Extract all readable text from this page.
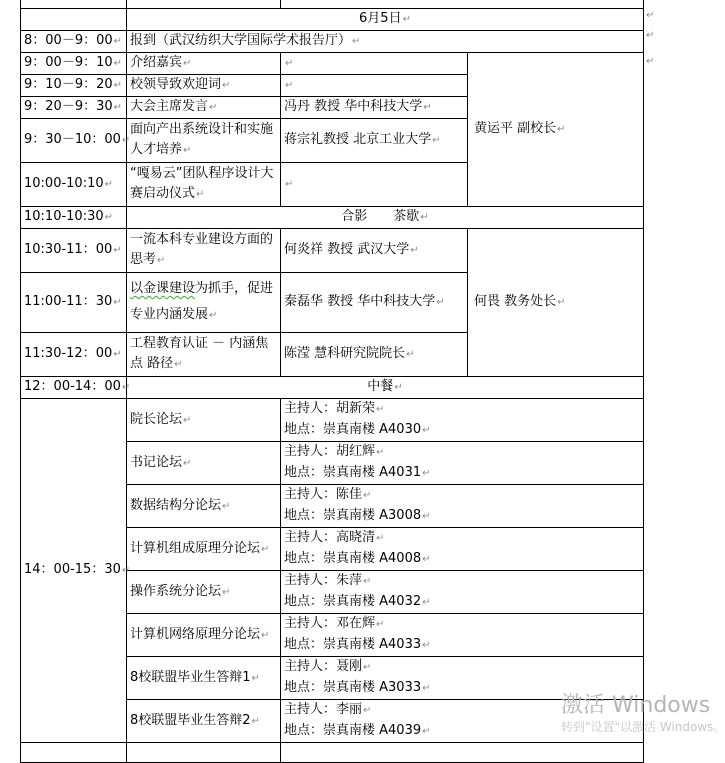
	6月5日↵		
8：00－9：00↵	报到（武汉纺织大学国际学术报告厅）↵		
9：00－9：10↵	介绍嘉宾↵	↵	黄运平 副校长↵
9：10－9：20↵	校领导致欢迎词↵	↵	
9：20－9：30↵	大会主席发言↵	冯丹 教授 华中科技大学↵	
9：30－10：00↵	面向产出系统设计和实施人才培养↵	蒋宗礼教授 北京工业大学↵	
10:00-10:10↵	“嘎易云”团队程序设计大赛启动仪式↵	↵	
10:10-10:30↵	合影　　茶歇↵		
10:30-11：00↵	一流本科专业建设方面的思考↵	何炎祥 教授 武汉大学↵	何畏 教务处长↵
11:00-11：30↵	以金课建设为抓手，促进专业内涵发展↵	秦磊华 教授 华中科技大学↵	
11:30-12：00↵	工程教育认证 － 内涵焦点 路径↵	陈滢 慧科研究院院长↵	
12：00-14：00↵	中餐↵		
14：00-15：30↵	院长论坛↵	主持人：胡新荣↵
地点：崇真南楼 A4030↵	

	书记论坛↵	主持人：胡红辉↵
地点：崇真南楼 A4031↵	

	数据结构分论坛↵	主持人：陈佳↵
地点：崇真南楼 A3008↵	

	计算机组成原理分论坛↵	主持人：高晓清↵
地点：崇真南楼 A4008↵	

	操作系统分论坛↵	主持人：朱萍↵
地点：崇真南楼 A4032↵	

	计算机网络原理分论坛↵	主持人：邓在辉↵
地点：崇真南楼 A4033↵	

	8校联盟毕业生答辩1↵	主持人：聂刚↵
地点：崇真南楼 A3033↵	

	8校联盟毕业生答辩2↵	主持人：李丽↵
地点：崇真南楼 A4039↵	

↵
↵
↵
激活 Windows
转到"设置"以激活 Windows。
